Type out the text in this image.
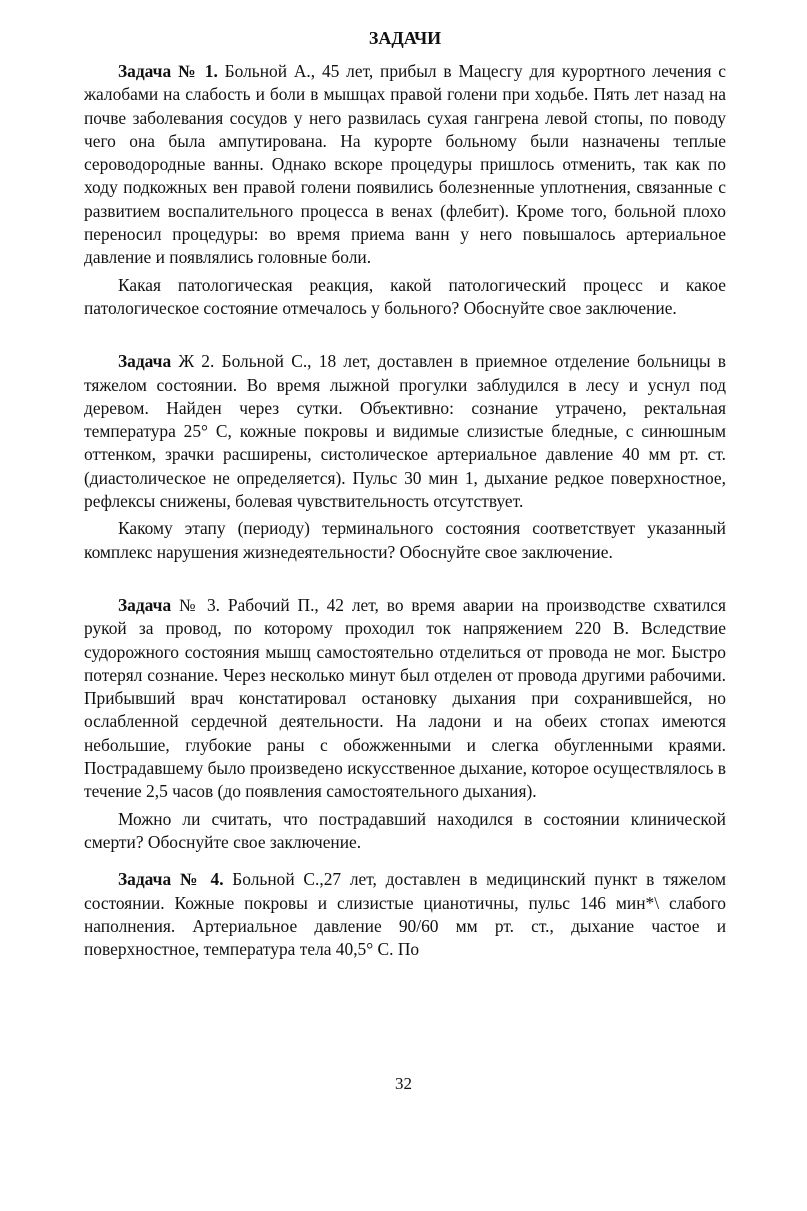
ЗАДАЧИ

Задача № 1. Больной А., 45 лет, прибыл в Мацесгу для курортного лечения с жалобами на слабость и боли в мышцах правой голени при ходьбе. Пять лет назад на почве заболевания сосудов у него развилась сухая гангрена левой стопы, по поводу чего она была ампутирована. На курорте больному были назначены теплые сероводородные ванны. Однако вскоре процедуры пришлось отменить, так как по ходу подкожных вен правой голени появились болезненные уплотнения, связанные с развитием воспалительного процесса в венах (флебит). Кроме того, больной плохо переносил процедуры: во время приема ванн у него повышалось артериальное давление и появлялись головные боли.

Какая патологическая реакция, какой патологический процесс и какое патологическое состояние отмечалось у больного? Обоснуйте свое заключение.

Задача Ж 2. Больной С., 18 лет, доставлен в приемное отделение больницы в тяжелом состоянии. Во время лыжной прогулки заблудился в лесу и уснул под деревом. Найден через сутки. Объективно: сознание утрачено, ректальная температура 25° С, кожные покровы и видимые слизистые бледные, с синюшным оттенком, зрачки расширены, систолическое артериальное давление 40 мм рт. ст. (диастолическое не определяется). Пульс 30 мин 1, дыхание редкое поверхностное, рефлексы снижены, болевая чувствительность отсутствует.

Какому этапу (периоду) терминального состояния соответствует указанный комплекс нарушения жизнедеятельности? Обоснуйте свое заключение.

Задача № 3. Рабочий П., 42 лет, во время аварии на производстве схватился рукой за провод, по которому проходил ток напряжением 220 В. Вследствие судорожного состояния мышц самостоятельно отделиться от провода не мог. Быстро потерял сознание. Через несколько минут был отделен от провода другими рабочими. Прибывший врач констатировал остановку дыхания при сохранившейся, но ослабленной сердечной деятельности. На ладони и на обеих стопах имеются небольшие, глубокие раны с обожженными и слегка обугленными краями. Пострадавшему было произведено искусственное дыхание, которое осуществлялось в течение 2,5 часов (до появления самостоятельного дыхания).

Можно ли считать, что пострадавший находился в состоянии клинической смерти? Обоснуйте свое заключение.

Задача № 4. Больной С.,27 лет, доставлен в медицинский пункт в тяжелом состоянии. Кожные покровы и слизистые цианотичны, пульс 146 мин*\ слабого наполнения. Артериальное давление 90/60 мм рт. ст., дыхание частое и поверхностное, температура тела 40,5° С. По

32
